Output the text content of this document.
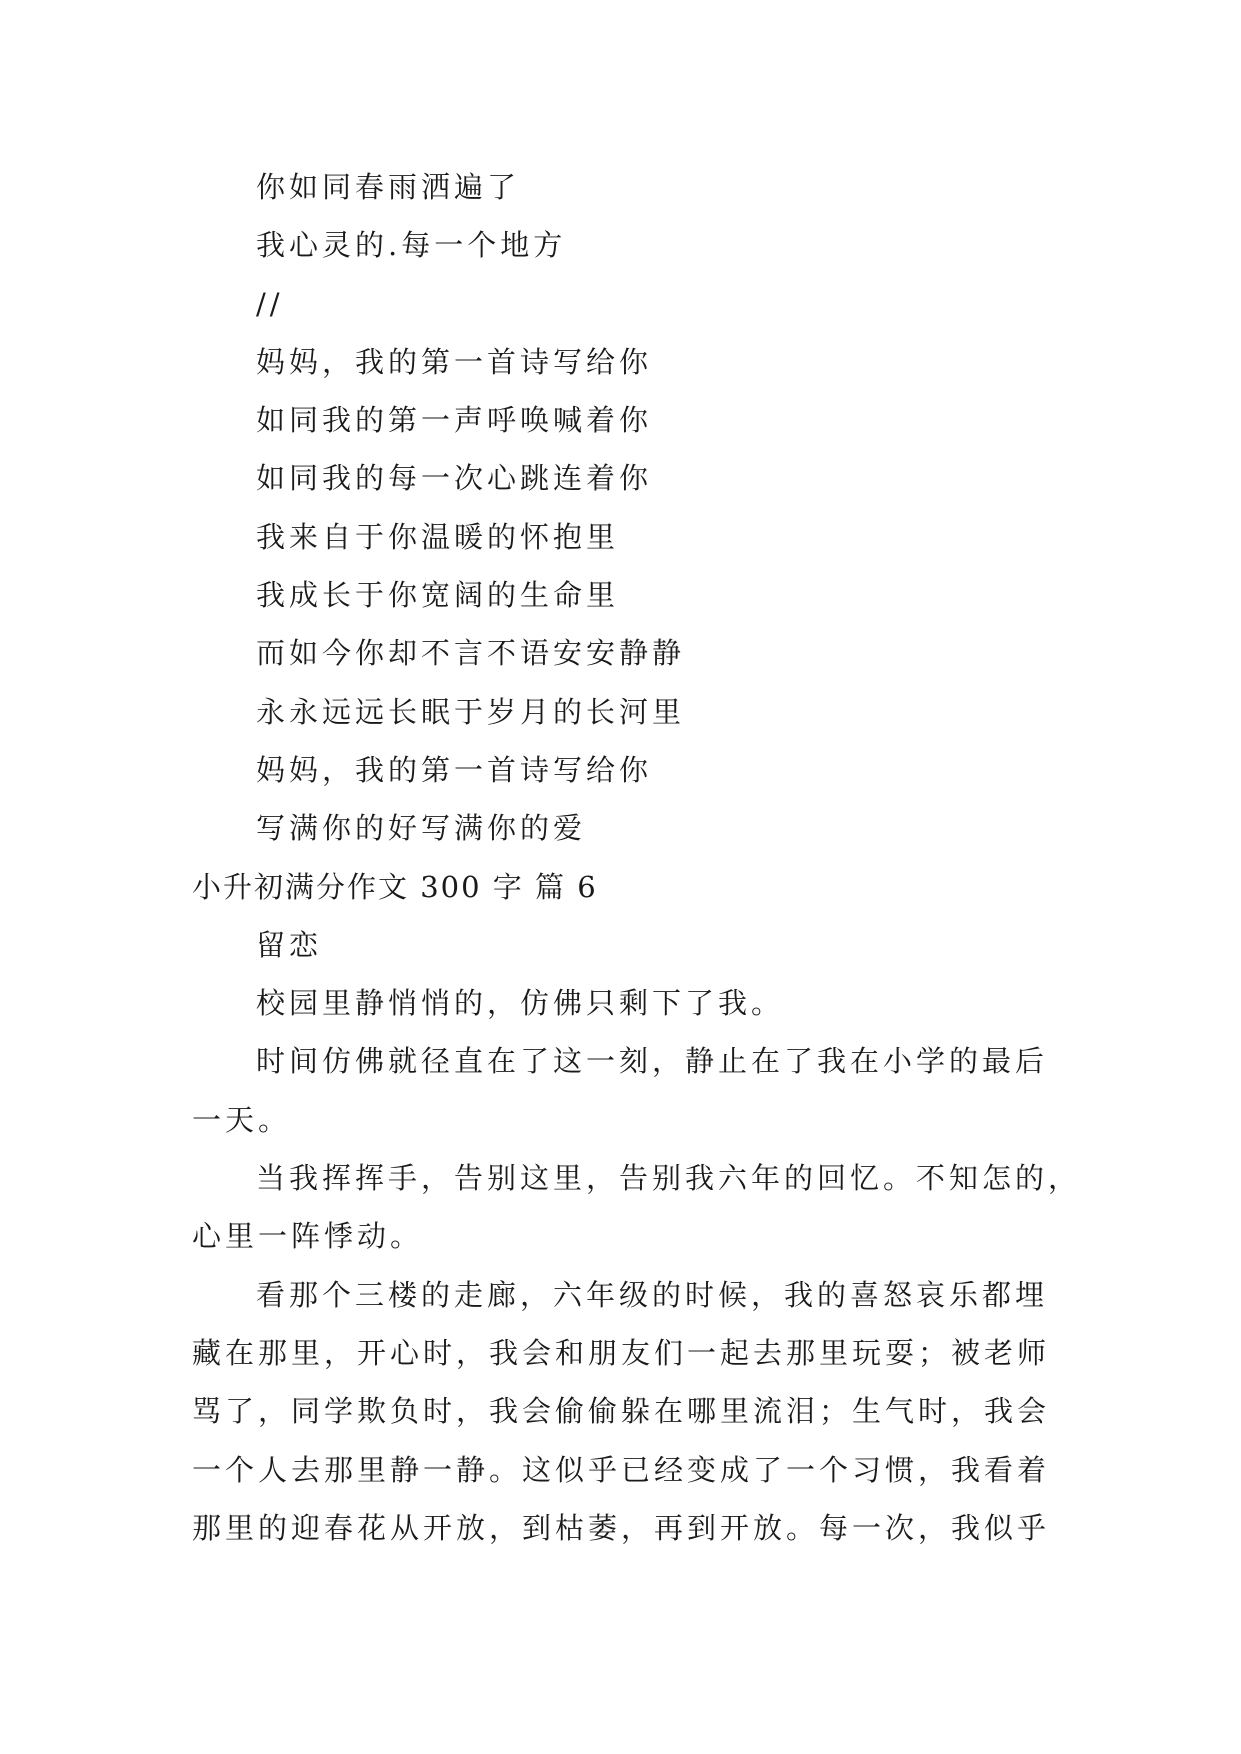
你如同春雨洒遍了

我心灵的.每一个地方

//

妈妈，我的第一首诗写给你

如同我的第一声呼唤喊着你

如同我的每一次心跳连着你

我来自于你温暖的怀抱里

我成长于你宽阔的生命里

而如今你却不言不语安安静静

永永远远长眠于岁月的长河里

妈妈，我的第一首诗写给你

写满你的好写满你的爱

小升初满分作文 300 字 篇 6

留恋

校园里静悄悄的，仿佛只剩下了我。
时间仿佛就径直在了这一刻，静止在了我在小学的最后
一天。
当我挥挥手，告别这里，告别我六年的回忆。不知怎的，
心里一阵悸动。
看那个三楼的走廊，六年级的时候，我的喜怒哀乐都埋
藏在那里，开心时，我会和朋友们一起去那里玩耍；被老师
骂了，同学欺负时，我会偷偷躲在哪里流泪；生气时，我会
一个人去那里静一静。这似乎已经变成了一个习惯，我看着
那里的迎春花从开放，到枯萎，再到开放。每一次，我似乎
